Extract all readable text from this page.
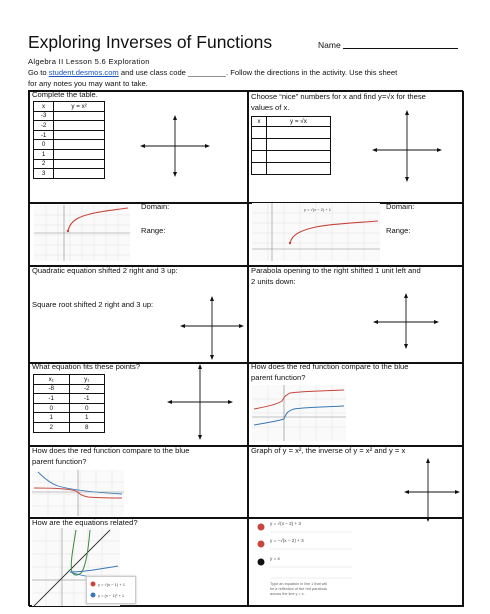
Exploring Inverses of Functions	Name
Algebra II Lesson 5.6 Exploration
Go to student.desmos.com and use class code _________. Follow the directions in the activity. Use this sheet
for any notes you may want to take.
Complete the table.
x	y = x²
-3	
-2	
-1	
0	
1	
2	
3	
Choose “nice” numbers for x and find y=√x for these
values of x.
x	y = √x

Domain:
Range:
y = √(x − 2) + 1	Domain:
Range:
Quadratic equation shifted 2 right and 3 up:
Square root shifted 2 right and 3 up:
Parabola opening to the right shifted 1 unit left and
2 units down:
What equation fits these points?
x₁	y₁
-8	-2
-1	-1
0	0
1	1
2	8
How does the red function compare to the blue
parent function?
How does the red function compare to the blue
parent function?
Graph of y = x², the inverse of y = x² and y = x
How are the equations related?
y = √(x − 1) + 1
y = (x − 1)² + 1
y = √(x − 2) + 3
y = −√(x − 2) + 3
y = x
Type an equation in line 1 that will
be a reflection of the red parabola
across the line y = x.
